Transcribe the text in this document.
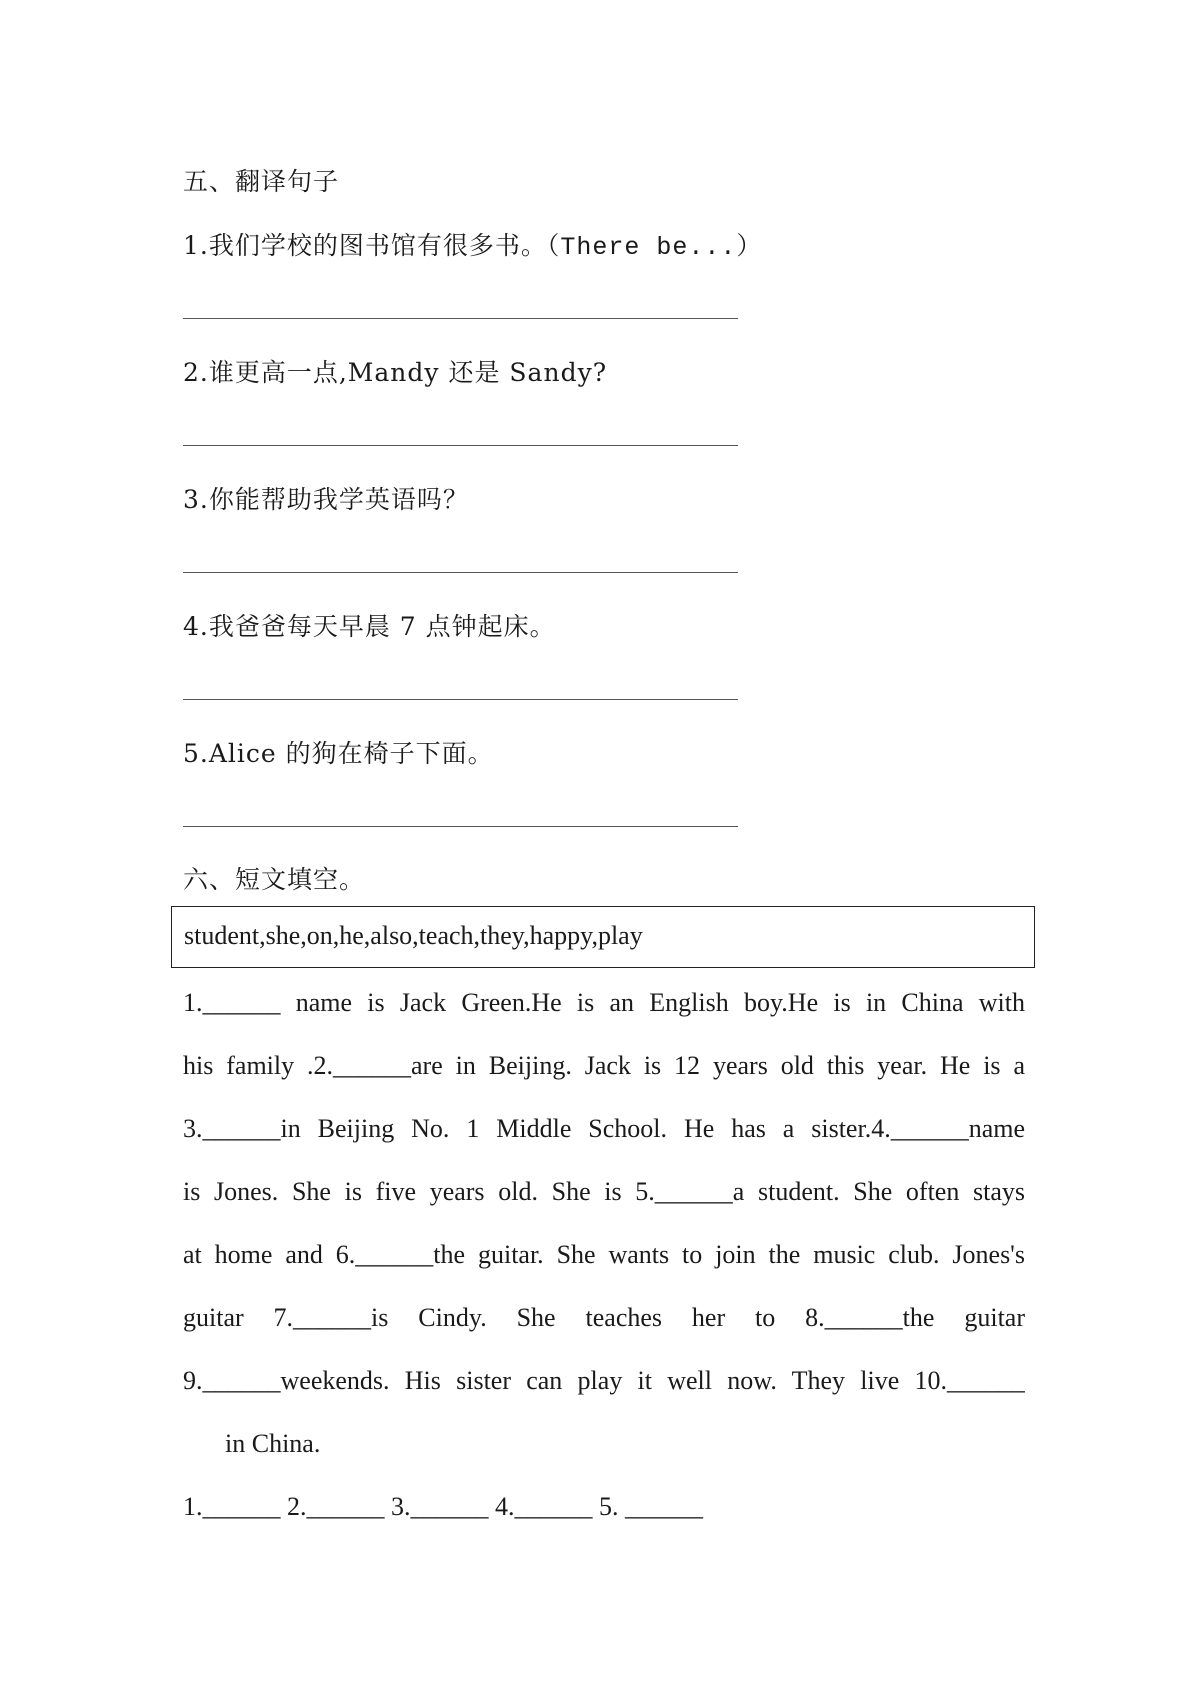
五、翻译句子
1.我们学校的图书馆有很多书。（There be...）
2.谁更高一点,Mandy 还是 Sandy?
3.你能帮助我学英语吗？
4.我爸爸每天早晨 7 点钟起床。
5.Alice 的狗在椅子下面。
六、短文填空。
student,she,on,he,also,teach,they,happy,play
1.______ name is Jack Green.He is an English boy.He is in China with
his family .2.______are in Beijing. Jack is 12 years old this year. He is a
3.______in Beijing No. 1 Middle School. He has a sister.4.______name
is Jones. She is five years old. She is 5.______a student. She often stays
at home and 6.______the guitar. She wants to join the music club. Jones's
guitar 7.______is Cindy. She teaches her to 8.______the guitar
9.______weekends. His sister can play it well now. They live 10.______
in China.
1.______ 2.______ 3.______ 4.______ 5. ______
